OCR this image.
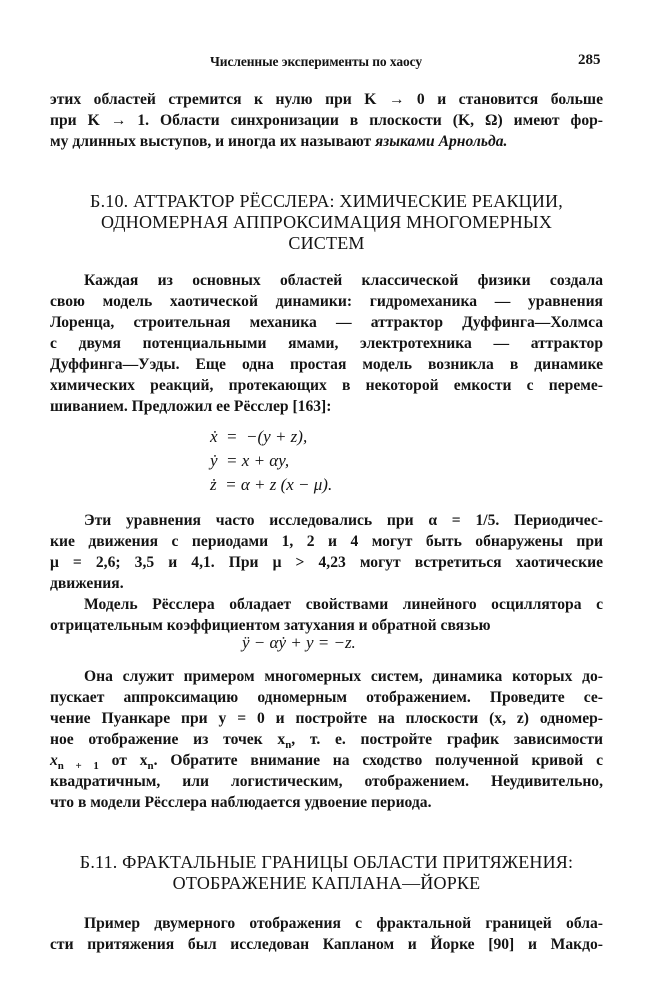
Численные эксперименты по хаосу	285
этих областей стремится к нулю при K → 0 и становится больше
при K → 1. Области синхронизации в плоскости (K, Ω) имеют фор-
му длинных выступов, и иногда их называют языками Арнольда.
Б.10. АТТРАКТОР РЁССЛЕРА: ХИМИЧЕСКИЕ РЕАКЦИИ,
ОДНОМЕРНАЯ АППРОКСИМАЦИЯ МНОГОМЕРНЫХ
СИСТЕМ
Каждая из основных областей классической физики создала
свою модель хаотической динамики: гидромеханика — уравнения
Лоренца, строительная механика — аттрактор Дуффинга—Холмса
с двумя потенциальными ямами, электротехника — аттрактор
Дуффинга—Уэды. Еще одна простая модель возникла в динамике
химических реакций, протекающих в некоторой емкости с переме-
шиванием. Предложил ее Рёсслер [163]:
ẋ  =  −(y + z),
ẏ  = x + αy,
ż  = α + z (x − μ).
Эти уравнения часто исследовались при α = 1/5. Периодичес-
кие движения с периодами 1, 2 и 4 могут быть обнаружены при
μ = 2,6; 3,5 и 4,1. При μ > 4,23 могут встретиться хаотические
движения.
Модель Рёсслера обладает свойствами линейного осциллятора с
отрицательным коэффициентом затухания и обратной связью
ÿ − αẏ + y = −z.
Она служит примером многомерных систем, динамика которых до-
пускает аппроксимацию одномерным отображением. Проведите се-
чение Пуанкаре при y = 0 и постройте на плоскости (x, z) одномер-
ное отображение из точек $x_n$, т. е. постройте график зависимости
$x_{n + 1}$ от $x_n$. Обратите внимание на сходство полученной кривой с
квадратичным, или логистическим, отображением. Неудивительно,
что в модели Рёсслера наблюдается удвоение периода.
Б.11. ФРАКТАЛЬНЫЕ ГРАНИЦЫ ОБЛАСТИ ПРИТЯЖЕНИЯ:
ОТОБРАЖЕНИЕ КАПЛАНА—ЙОРКЕ
Пример двумерного отображения с фрактальной границей обла-
сти притяжения был исследован Капланом и Йорке [90] и Макдо-
